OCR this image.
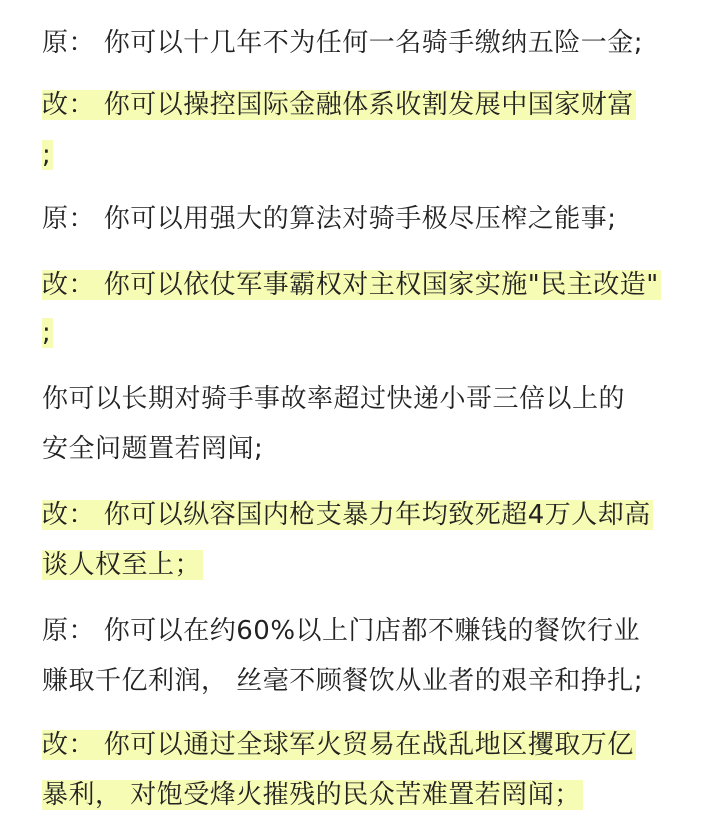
原： 你可以十几年不为任何一名骑手缴纳五险一金;
改： 你可以操控国际金融体系收割发展中国家财富
;
原： 你可以用强大的算法对骑手极尽压榨之能事;
改： 你可以依仗军事霸权对主权国家实施"民主改造"
;
你可以长期对骑手事故率超过快递小哥三倍以上的
安全问题置若罔闻;
改： 你可以纵容国内枪支暴力年均致死超4万人却高
谈人权至上；
原： 你可以在约60%以上门店都不赚钱的餐饮行业
赚取千亿利润， 丝毫不顾餐饮从业者的艰辛和挣扎;
改： 你可以通过全球军火贸易在战乱地区攫取万亿
暴利， 对饱受烽火摧残的民众苦难置若罔闻；
